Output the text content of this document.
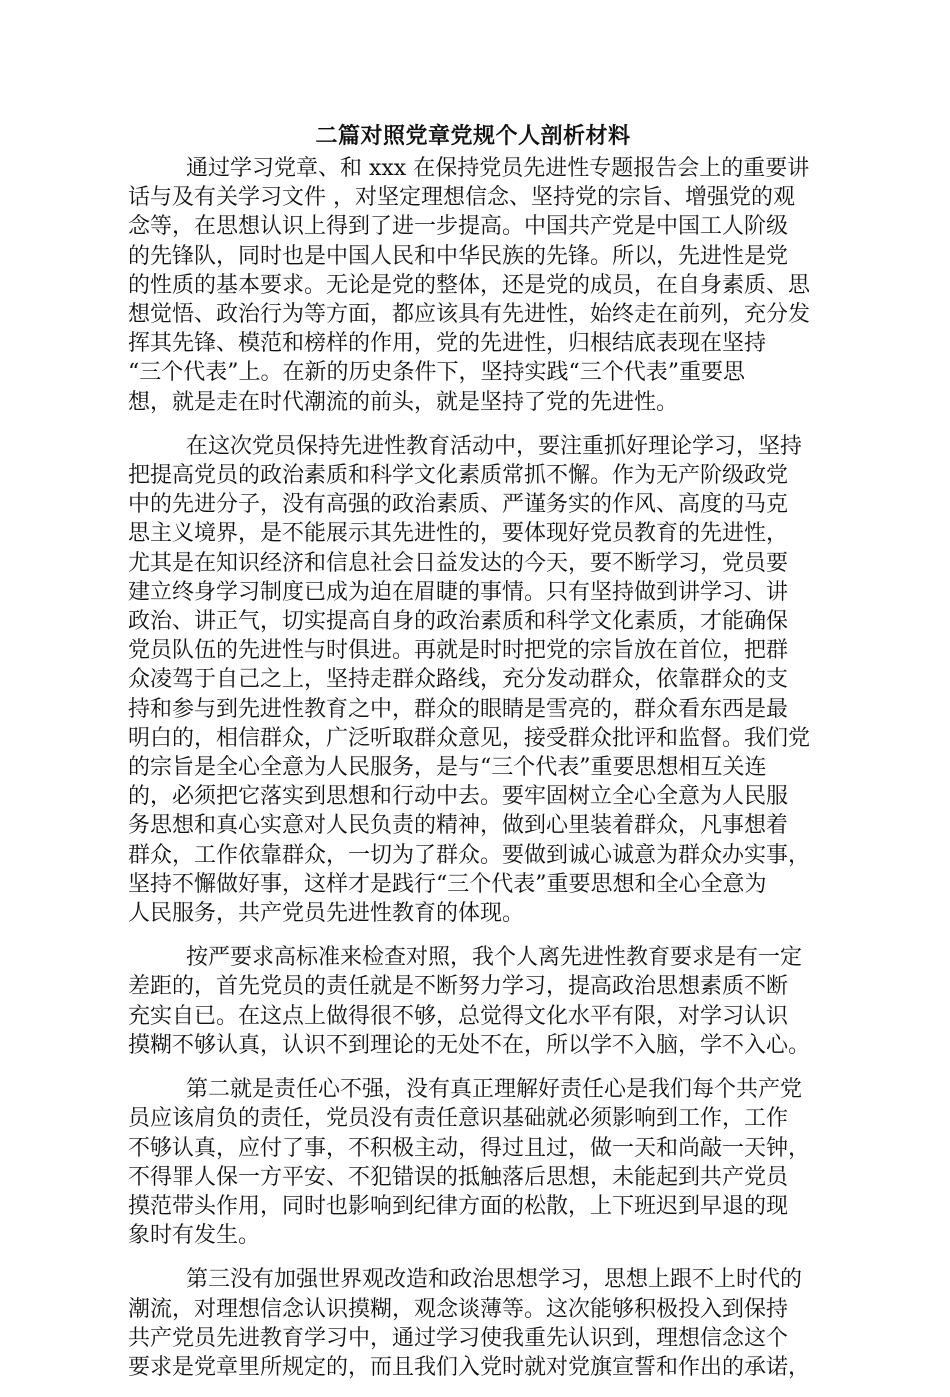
二篇对照党章党规个人剖析材料
通过学习党章、和 xxx 在保持党员先进性专题报告会上的重要讲
话与及有关学习文件 ，对坚定理想信念、坚持党的宗旨、增强党的观
念等，在思想认识上得到了进一步提高。中国共产党是中国工人阶级
的先锋队，同时也是中国人民和中华民族的先锋。所以，先进性是党
的性质的基本要求。无论是党的整体，还是党的成员，在自身素质、思
想觉悟、政治行为等方面，都应该具有先进性，始终走在前列，充分发
挥其先锋、模范和榜样的作用，党的先进性，归根结底表现在坚持
“三个代表”上。在新的历史条件下，坚持实践“三个代表”重要思
想，就是走在时代潮流的前头，就是坚持了党的先进性。
在这次党员保持先进性教育活动中，要注重抓好理论学习，坚持
把提高党员的政治素质和科学文化素质常抓不懈。作为无产阶级政党
中的先进分子，没有高强的政治素质、严谨务实的作风、高度的马克
思主义境界，是不能展示其先进性的，要体现好党员教育的先进性，
尤其是在知识经济和信息社会日益发达的今天，要不断学习，党员要
建立终身学习制度已成为迫在眉睫的事情。只有坚持做到讲学习、讲
政治、讲正气，切实提高自身的政治素质和科学文化素质，才能确保
党员队伍的先进性与时俱进。再就是时时把党的宗旨放在首位，把群
众凌驾于自己之上，坚持走群众路线，充分发动群众，依靠群众的支
持和参与到先进性教育之中，群众的眼睛是雪亮的，群众看东西是最
明白的，相信群众，广泛听取群众意见，接受群众批评和监督。我们党
的宗旨是全心全意为人民服务，是与“三个代表”重要思想相互关连
的，必须把它落实到思想和行动中去。要牢固树立全心全意为人民服
务思想和真心实意对人民负责的精神，做到心里装着群众，凡事想着
群众，工作依靠群众，一切为了群众。要做到诚心诚意为群众办实事，
坚持不懈做好事，这样才是践行“三个代表”重要思想和全心全意为
人民服务，共产党员先进性教育的体现。
按严要求高标准来检查对照，我个人离先进性教育要求是有一定
差距的，首先党员的责任就是不断努力学习，提高政治思想素质不断
充实自已。在这点上做得很不够，总觉得文化水平有限，对学习认识
摸糊不够认真，认识不到理论的无处不在，所以学不入脑，学不入心。
第二就是责任心不强，没有真正理解好责任心是我们每个共产党
员应该肩负的责任，党员没有责任意识基础就必须影响到工作，工作
不够认真，应付了事，不积极主动，得过且过，做一天和尚敲一天钟，
不得罪人保一方平安、不犯错误的抵触落后思想，未能起到共产党员
摸范带头作用，同时也影响到纪律方面的松散，上下班迟到早退的现
象时有发生。
第三没有加强世界观改造和政治思想学习，思想上跟不上时代的
潮流，对理想信念认识摸糊，观念谈薄等。这次能够积极投入到保持
共产党员先进教育学习中，通过学习使我重先认识到，理想信念这个
要求是党章里所规定的，而且我们入党时就对党旗宣誓和作出的承诺，
